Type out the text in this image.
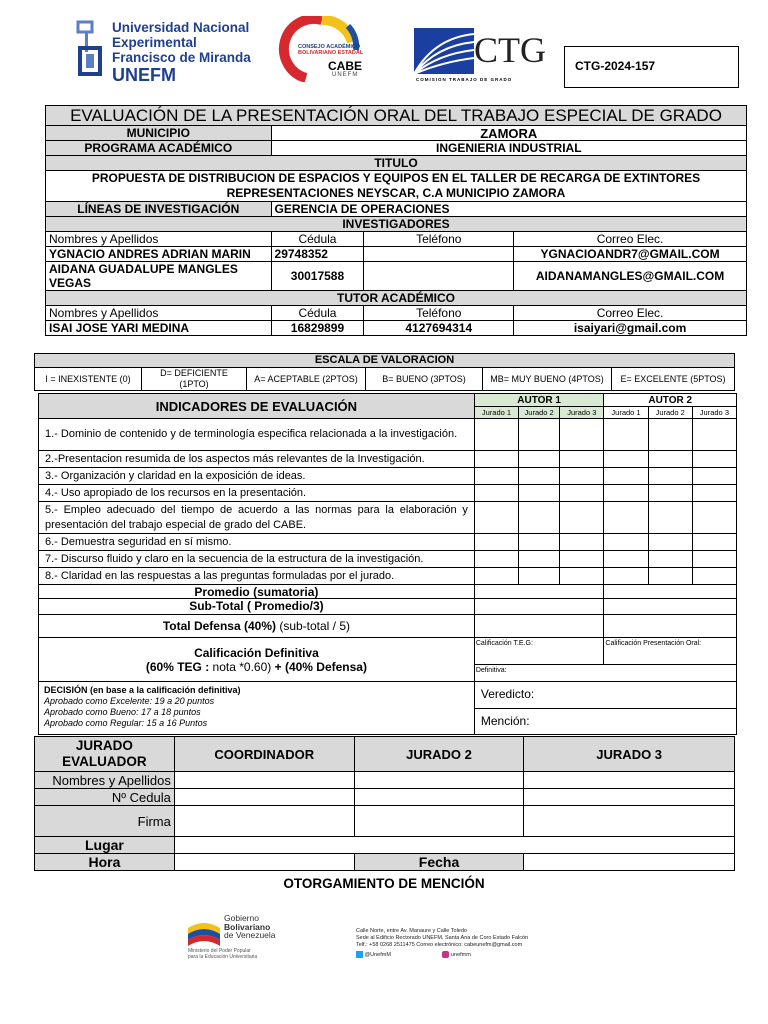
Universidad Nacional
Experimental
Francisco de Miranda
UNEFM
CONSEJO ACADÉMICO
BOLIVARIANO ESTADAL
CABE
UNEFM
CTG
COMISION TRABAJO DE GRADO
CTG-2024-157
EVALUACIÓN DE LA PRESENTACIÓN ORAL DEL TRABAJO ESPECIAL DE GRADO			
MUNICIPIO	ZAMORA		
PROGRAMA ACADÉMICO	INGENIERIA INDUSTRIAL		
TITULO			

PROPUESTA DE DISTRIBUCION DE ESPACIOS Y EQUIPOS EN EL TALLER DE RECARGA DE EXTINTORES
REPRESENTACIONES NEYSCAR, C.A MUNICIPIO ZAMORA			

LÍNEAS DE INVESTIGACIÓN	GERENCIA DE OPERACIONES		
INVESTIGADORES			
Nombres y Apellidos	Cédula	Teléfono	Correo Elec.
YGNACIO ANDRES ADRIAN MARIN	29748352		YGNACIOANDR7@GMAIL.COM
AIDANA GUADALUPE MANGLES VEGAS	30017588		AIDANAMANGLES@GMAIL.COM
TUTOR ACADÉMICO			
Nombres y Apellidos	Cédula	Teléfono	Correo Elec.
ISAI JOSE YARI MEDINA	16829899	4127694314	isaiyari@gmail.com
ESCALA DE VALORACION
I = INEXISTENTE (0)	D= DEFICIENTE (1PTO)	A= ACEPTABLE (2PTOS)	B= BUENO (3PTOS)	MB= MUY BUENO (4PTOS)	E= EXCELENTE (5PTOS)
INDICADORES DE EVALUACIÓN	AUTOR 1			AUTOR 2		
	Jurado 1	Jurado 2	Jurado 3	Jurado 1	Jurado 2	Jurado 3
1.- Dominio de contenido y de terminología especifica relacionada a la investigación.						
2.-Presentacion resumida de los aspectos más relevantes de la Investigación.						
3.- Organización y claridad en la exposición de ideas.						
4.- Uso apropiado de los recursos en la presentación.						
5.- Empleo adecuado del tiempo de acuerdo a las normas para la elaboración y presentación del trabajo especial de grado del CABE.						
6.- Demuestra seguridad en sí mismo.						
7.- Discurso fluido y claro en la secuencia de la estructura de la investigación.						
8.- Claridad en las respuestas a las preguntas formuladas por el jurado.						
Promedio (sumatoria)						
Sub-Total ( Promedio/3)						
Total Defensa (40%) (sub-total / 5)						

Calificación Definitiva
(60% TEG : nota *0.60) + (40% Defensa)	Calificación T.E.G:			Calificación Presentación Oral:		
	Definitiva:					

DECISIÓN (en base a la calificación definitiva)
Aprobado como Excelente: 19 a 20 puntos
Aprobado como Bueno: 17 a 18 puntos
Aprobado como Regular: 15 a 16 Puntos	Veredicto:					
	Mención:					
JURADO EVALUADOR	COORDINADOR	JURADO 2	JURADO 3
Nombres y Apellidos			
Nº Cedula			
Firma			
Lugar			
Hora		Fecha	
OTORGAMIENTO DE MENCIÓN
Gobierno
Bolivariano
de Venezuela
Ministerio del Poder Popular
para la Educación Universitaria
Calle Norte, entre Av. Manaure y Calle Toledo
Sede al Edificio Rectorado UNEFM, Santa Ana de Coro Estado Falcón
Telf.: +58 0268 2511475 Correo electrónico: cabeunefm@gmail.com
@UnefmM	unefmm
